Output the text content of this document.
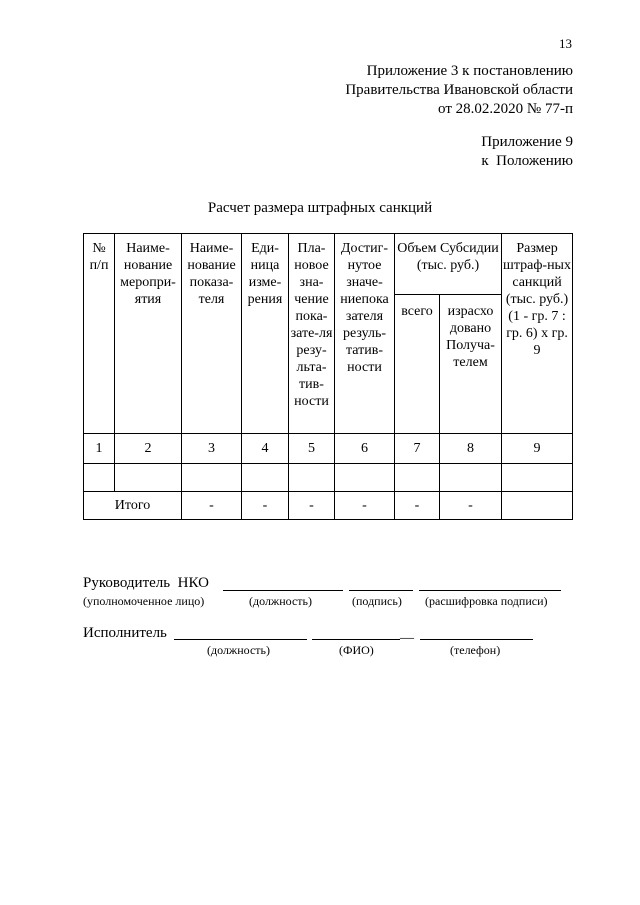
13
Приложение 3 к постановлению
Правительства Ивановской области
от 28.02.2020 № 77-п
Приложение 9
к  Положению
Расчет размера штрафных санкций
№ п/п	Наиме-нование меропри-ятия	Наиме-нование показа-теля	Еди-ница изме-рения	Пла-новое зна-чение пока-зате-ля резу-льта-тив-ности	Достиг-нутое значе-ниепока зателя резуль-татив-ности	Объем Субсидии (тыс. руб.)		Размер штраф-ных санкций (тыс. руб.) (1 - гр. 7 : гр. 6) х гр. 9
						всего	израсхо довано Получа-телем	
1	2	3	4	5	6	7	8	9

Итого		-	-	-	-	-	-	
Руководитель  НКО
(уполномоченное лицо)	(должность)	(подпись) (расшифровка подписи)
Исполнитель	__
(должность)	(ФИО)	(телефон)
